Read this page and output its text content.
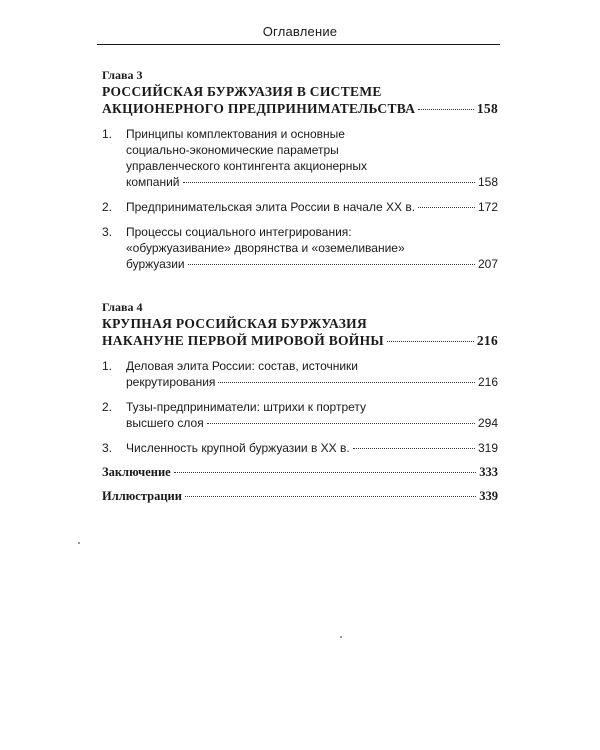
Оглавление
Глава 3
РОССИЙСКАЯ БУРЖУАЗИЯ В СИСТЕМЕ
АКЦИОНЕРНОГО ПРЕДПРИНИМАТЕЛЬСТВА	158
1.	Принципы комплектования и основные
социально-экономические параметры
управленческого контингента акционерных
компаний	158
2.	Предпринимательская элита России в начале XX в.	172
3.	Процессы социального интегрирования:
«обуржуазивание» дворянства и «оземеливание»
буржуазии	207
Глава 4
КРУПНАЯ РОССИЙСКАЯ БУРЖУАЗИЯ
НАКАНУНЕ ПЕРВОЙ МИРОВОЙ ВОЙНЫ	216
1.	Деловая элита России: состав, источники
рекрутирования	216
2.	Тузы-предприниматели: штрихи к портрету
высшего слоя	294
3.	Численность крупной буржуазии в XX в.	319
Заключение	333
Иллюстрации	339
